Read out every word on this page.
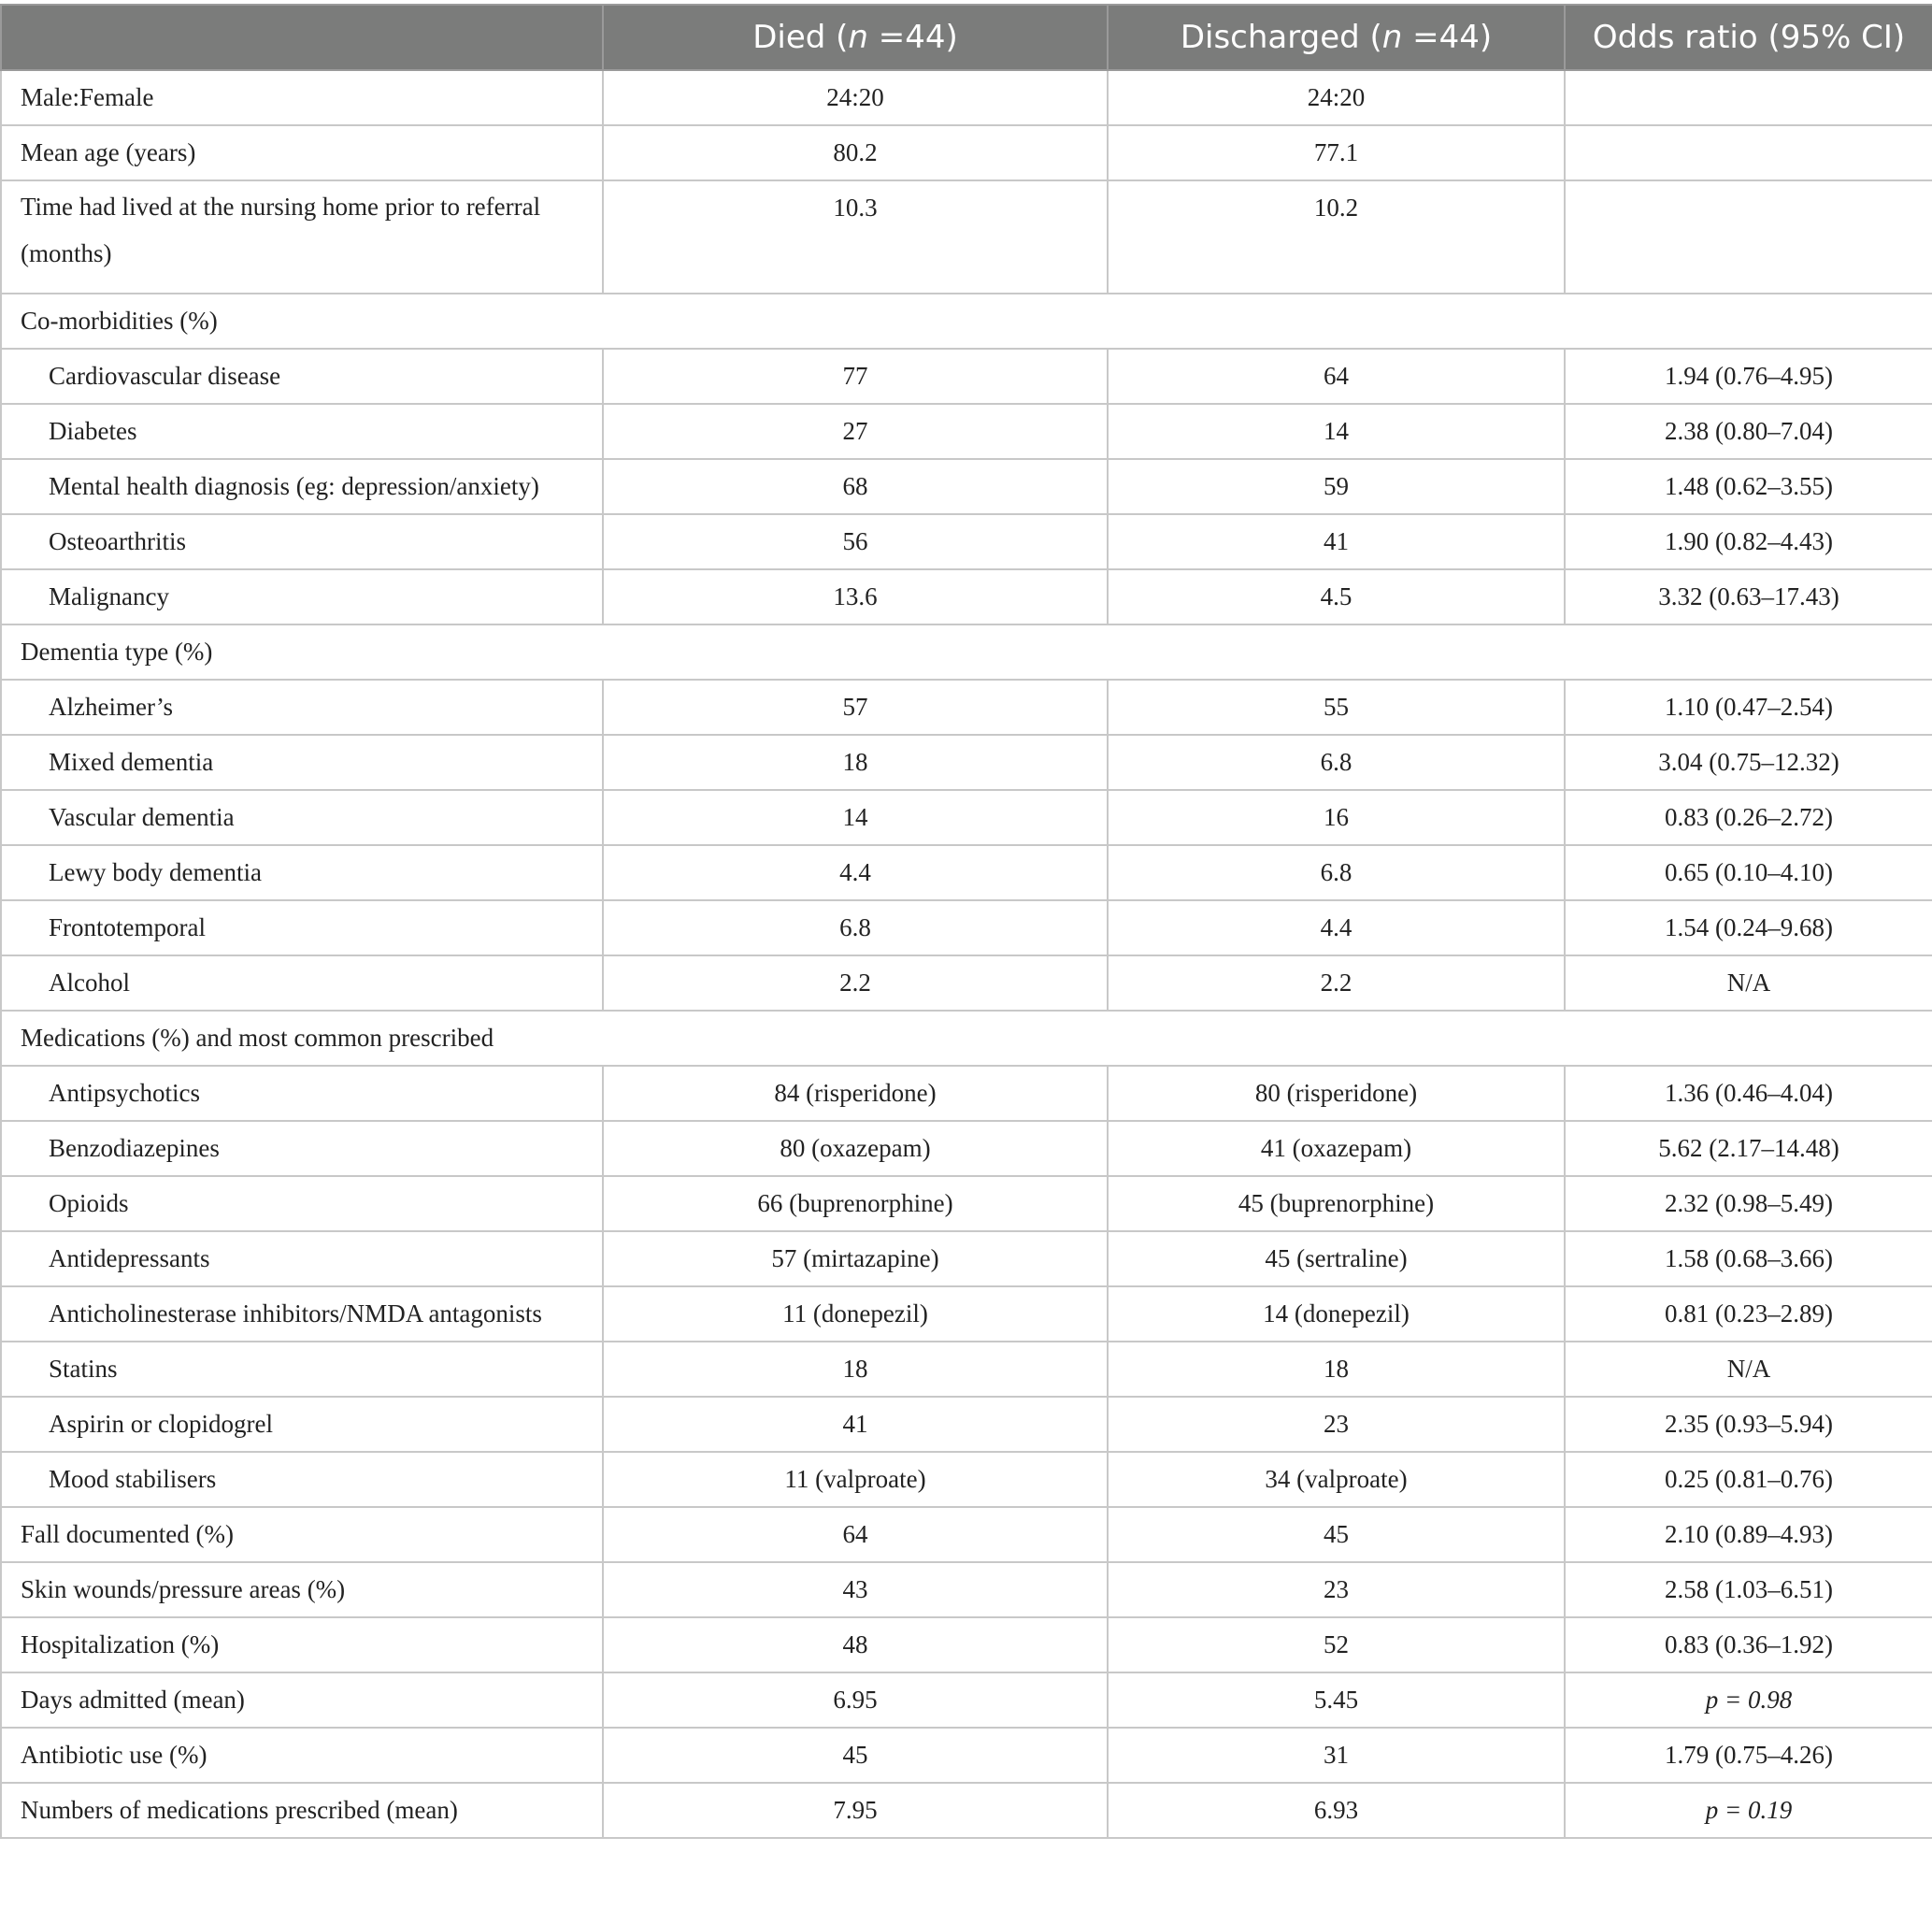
	Died (n =44)	Discharged (n =44)	Odds ratio (95% CI)
Male:Female	24:20	24:20	
Mean age (years)	80.2	77.1	
Time had lived at the nursing home prior to referral (months)	10.3	10.2	
Co-morbidities (%)			
Cardiovascular disease	77	64	1.94 (0.76–4.95)
Diabetes	27	14	2.38 (0.80–7.04)
Mental health diagnosis (eg: depression/anxiety)	68	59	1.48 (0.62–3.55)
Osteoarthritis	56	41	1.90 (0.82–4.43)
Malignancy	13.6	4.5	3.32 (0.63–17.43)
Dementia type (%)			
Alzheimer’s	57	55	1.10 (0.47–2.54)
Mixed dementia	18	6.8	3.04 (0.75–12.32)
Vascular dementia	14	16	0.83 (0.26–2.72)
Lewy body dementia	4.4	6.8	0.65 (0.10–4.10)
Frontotemporal	6.8	4.4	1.54 (0.24–9.68)
Alcohol	2.2	2.2	N/A
Medications (%) and most common prescribed			
Antipsychotics	84 (risperidone)	80 (risperidone)	1.36 (0.46–4.04)
Benzodiazepines	80 (oxazepam)	41 (oxazepam)	5.62 (2.17–14.48)
Opioids	66 (buprenorphine)	45 (buprenorphine)	2.32 (0.98–5.49)
Antidepressants	57 (mirtazapine)	45 (sertraline)	1.58 (0.68–3.66)
Anticholinesterase inhibitors/NMDA antagonists	11 (donepezil)	14 (donepezil)	0.81 (0.23–2.89)
Statins	18	18	N/A
Aspirin or clopidogrel	41	23	2.35 (0.93–5.94)
Mood stabilisers	11 (valproate)	34 (valproate)	0.25 (0.81–0.76)
Fall documented (%)	64	45	2.10 (0.89–4.93)
Skin wounds/pressure areas (%)	43	23	2.58 (1.03–6.51)
Hospitalization (%)	48	52	0.83 (0.36–1.92)
Days admitted (mean)	6.95	5.45	p = 0.98
Antibiotic use (%)	45	31	1.79 (0.75–4.26)
Numbers of medications prescribed (mean)	7.95	6.93	p = 0.19
